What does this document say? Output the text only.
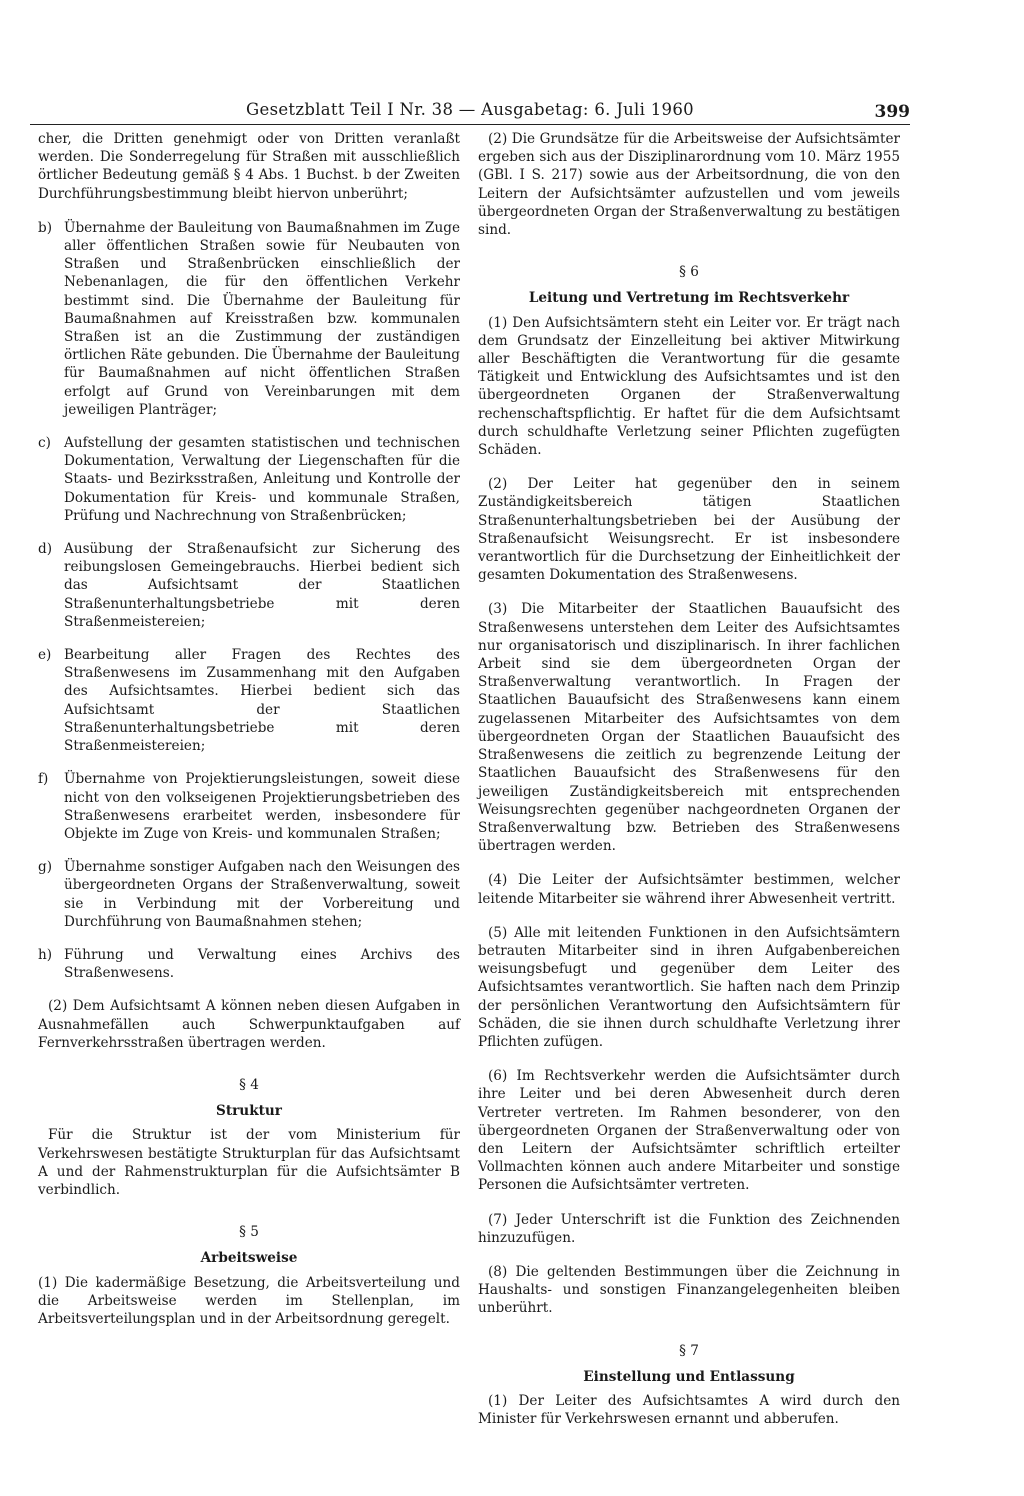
Gesetzblatt Teil I Nr. 38 — Ausgabetag: 6. Juli 1960	399

cher, die Dritten genehmigt oder von Dritten veranlaßt werden. Die Sonderregelung für Straßen mit ausschließlich örtlicher Bedeutung gemäß § 4 Abs. 1 Buchst. b der Zweiten Durchführungsbestimmung bleibt hiervon unberührt;

b) Übernahme der Bauleitung von Baumaßnahmen im Zuge aller öffentlichen Straßen sowie für Neubauten von Straßen und Straßenbrücken einschließlich der Nebenanlagen, die für den öffentlichen Verkehr bestimmt sind. Die Übernahme der Bauleitung für Baumaßnahmen auf Kreisstraßen bzw. kommunalen Straßen ist an die Zustimmung der zuständigen örtlichen Räte gebunden. Die Übernahme der Bauleitung für Baumaßnahmen auf nicht öffentlichen Straßen erfolgt auf Grund von Vereinbarungen mit dem jeweiligen Planträger;
c) Aufstellung der gesamten statistischen und technischen Dokumentation, Verwaltung der Liegenschaften für die Staats- und Bezirksstraßen, Anleitung und Kontrolle der Dokumentation für Kreis- und kommunale Straßen, Prüfung und Nachrechnung von Straßenbrücken;
d) Ausübung der Straßenaufsicht zur Sicherung des reibungslosen Gemeingebrauchs. Hierbei bedient sich das Aufsichtsamt der Staatlichen Straßenunterhaltungsbetriebe mit deren Straßenmeistereien;
e) Bearbeitung aller Fragen des Rechtes des Straßenwesens im Zusammenhang mit den Aufgaben des Aufsichtsamtes. Hierbei bedient sich das Aufsichtsamt der Staatlichen Straßenunterhaltungsbetriebe mit deren Straßenmeistereien;
f)	Übernahme von Projektierungsleistungen, soweit diese nicht von den volkseigenen Projektierungsbetrieben des Straßenwesens erarbeitet werden, insbesondere für Objekte im Zuge von Kreis- und kommunalen Straßen;
g) Übernahme sonstiger Aufgaben nach den Weisungen des übergeordneten Organs der Straßenverwaltung, soweit sie in Verbindung mit der Vorbereitung und Durchführung von Baumaßnahmen stehen;
h) Führung und Verwaltung eines Archivs des Straßenwesens.

(2) Dem Aufsichtsamt A können neben diesen Aufgaben in Ausnahmefällen auch Schwerpunktaufgaben auf Fernverkehrsstraßen übertragen werden.

§ 4
Struktur

Für die Struktur ist der vom Ministerium für Verkehrswesen bestätigte Strukturplan für das Aufsichtsamt A und der Rahmenstrukturplan für die Aufsichtsämter B verbindlich.

§ 5
Arbeitsweise

(1) Die kadermäßige Besetzung, die Arbeitsverteilung und die Arbeitsweise werden im Stellenplan, im Arbeitsverteilungsplan und in der Arbeitsordnung geregelt.

(2) Die Grundsätze für die Arbeitsweise der Aufsichtsämter ergeben sich aus der Disziplinarordnung vom 10. März 1955 (GBl. I S. 217) sowie aus der Arbeitsordnung, die von den Leitern der Aufsichtsämter aufzustellen und vom jeweils übergeordneten Organ der Straßenverwaltung zu bestätigen sind.

§ 6
Leitung und Vertretung im Rechtsverkehr

(1) Den Aufsichtsämtern steht ein Leiter vor. Er trägt nach dem Grundsatz der Einzelleitung bei aktiver Mitwirkung aller Beschäftigten die Verantwortung für die gesamte Tätigkeit und Entwicklung des Aufsichtsamtes und ist den übergeordneten Organen der Straßenverwaltung rechenschaftspflichtig. Er haftet für die dem Aufsichtsamt durch schuldhafte Verletzung seiner Pflichten zugefügten Schäden.

(2) Der Leiter hat gegenüber den in seinem Zuständigkeitsbereich tätigen Staatlichen Straßenunterhaltungsbetrieben bei der Ausübung der Straßenaufsicht Weisungsrecht. Er ist insbesondere verantwortlich für die Durchsetzung der Einheitlichkeit der gesamten Dokumentation des Straßenwesens.

(3) Die Mitarbeiter der Staatlichen Bauaufsicht des Straßenwesens unterstehen dem Leiter des Aufsichtsamtes nur organisatorisch und disziplinarisch. In ihrer fachlichen Arbeit sind sie dem übergeordneten Organ der Straßenverwaltung verantwortlich. In Fragen der Staatlichen Bauaufsicht des Straßenwesens kann einem zugelassenen Mitarbeiter des Aufsichtsamtes von dem übergeordneten Organ der Staatlichen Bauaufsicht des Straßenwesens die zeitlich zu begrenzende Leitung der Staatlichen Bauaufsicht des Straßenwesens für den jeweiligen Zuständigkeitsbereich mit entsprechenden Weisungsrechten gegenüber nachgeordneten Organen der Straßenverwaltung bzw. Betrieben des Straßenwesens übertragen werden.

(4) Die Leiter der Aufsichtsämter bestimmen, welcher leitende Mitarbeiter sie während ihrer Abwesenheit vertritt.

(5) Alle mit leitenden Funktionen in den Aufsichtsämtern betrauten Mitarbeiter sind in ihren Aufgabenbereichen weisungsbefugt und gegenüber dem Leiter des Aufsichtsamtes verantwortlich. Sie haften nach dem Prinzip der persönlichen Verantwortung den Aufsichtsämtern für Schäden, die sie ihnen durch schuldhafte Verletzung ihrer Pflichten zufügen.

(6) Im Rechtsverkehr werden die Aufsichtsämter durch ihre Leiter und bei deren Abwesenheit durch deren Vertreter vertreten. Im Rahmen besonderer, von den übergeordneten Organen der Straßenverwaltung oder von den Leitern der Aufsichtsämter schriftlich erteilter Vollmachten können auch andere Mitarbeiter und sonstige Personen die Aufsichtsämter vertreten.

(7) Jeder Unterschrift ist die Funktion des Zeichnenden hinzuzufügen.

(8) Die geltenden Bestimmungen über die Zeichnung in Haushalts- und sonstigen Finanzangelegenheiten bleiben unberührt.

§ 7
Einstellung und Entlassung

(1) Der Leiter des Aufsichtsamtes A wird durch den Minister für Verkehrswesen ernannt und abberufen.
